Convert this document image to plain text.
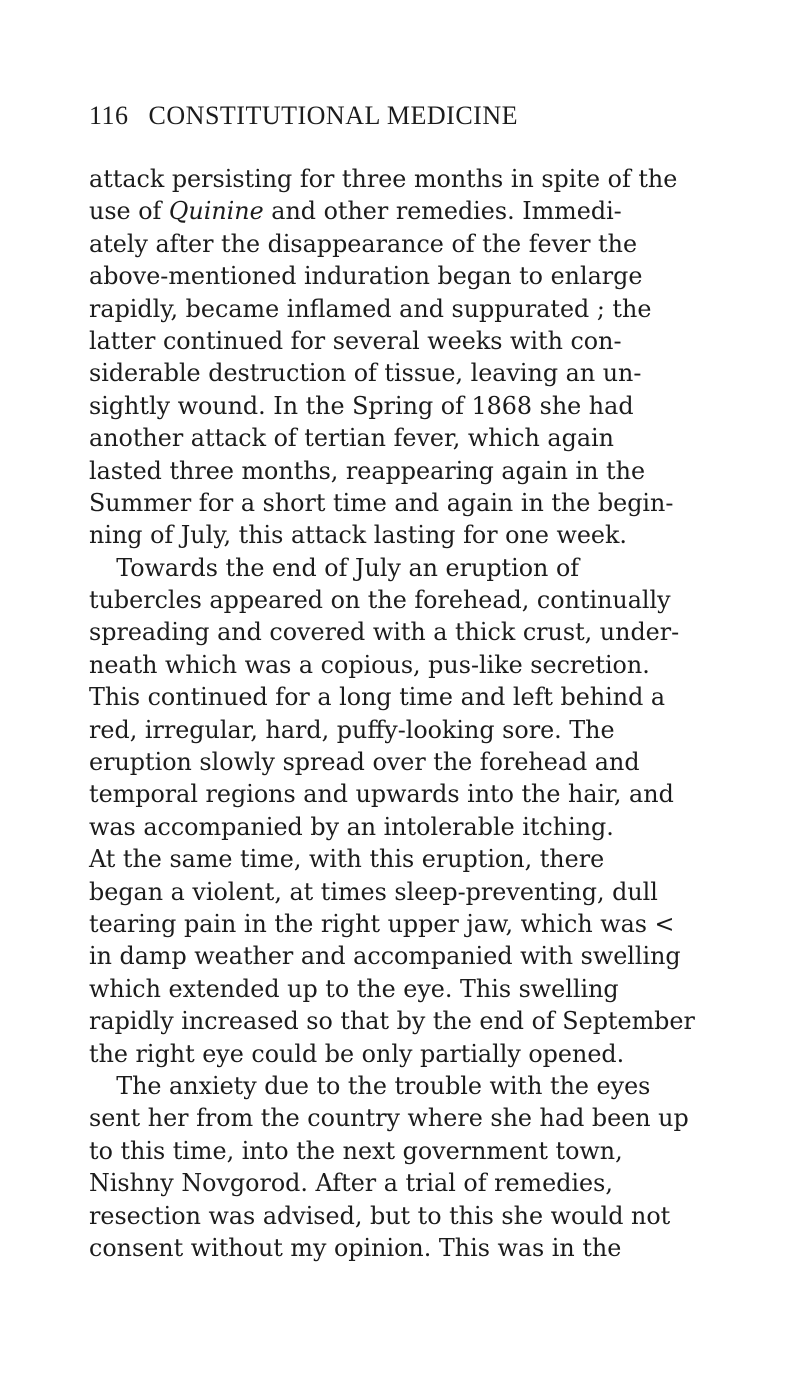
116 CONSTITUTIONAL MEDICINE
attack persisting for three months in spite of the
use of Quinine and other remedies. Immedi-
ately after the disappearance of the fever the
above-mentioned induration began to enlarge
rapidly, became inflamed and suppurated ; the
latter continued for several weeks with con-
siderable destruction of tissue, leaving an un-
sightly wound. In the Spring of 1868 she had
another attack of tertian fever, which again
lasted three months, reappearing again in the
Summer for a short time and again in the begin-
ning of July, this attack lasting for one week.
Towards the end of July an eruption of
tubercles appeared on the forehead, continually
spreading and covered with a thick crust, under-
neath which was a copious, pus-like secretion.
This continued for a long time and left behind a
red, irregular, hard, puffy-looking sore. The
eruption slowly spread over the forehead and
temporal regions and upwards into the hair, and
was accompanied by an intolerable itching.
At the same time, with this eruption, there
began a violent, at times sleep-preventing, dull
tearing pain in the right upper jaw, which was <
in damp weather and accompanied with swelling
which extended up to the eye. This swelling
rapidly increased so that by the end of September
the right eye could be only partially opened.
The anxiety due to the trouble with the eyes
sent her from the country where she had been up
to this time, into the next government town,
Nishny Novgorod. After a trial of remedies,
resection was advised, but to this she would not
consent without my opinion. This was in the
